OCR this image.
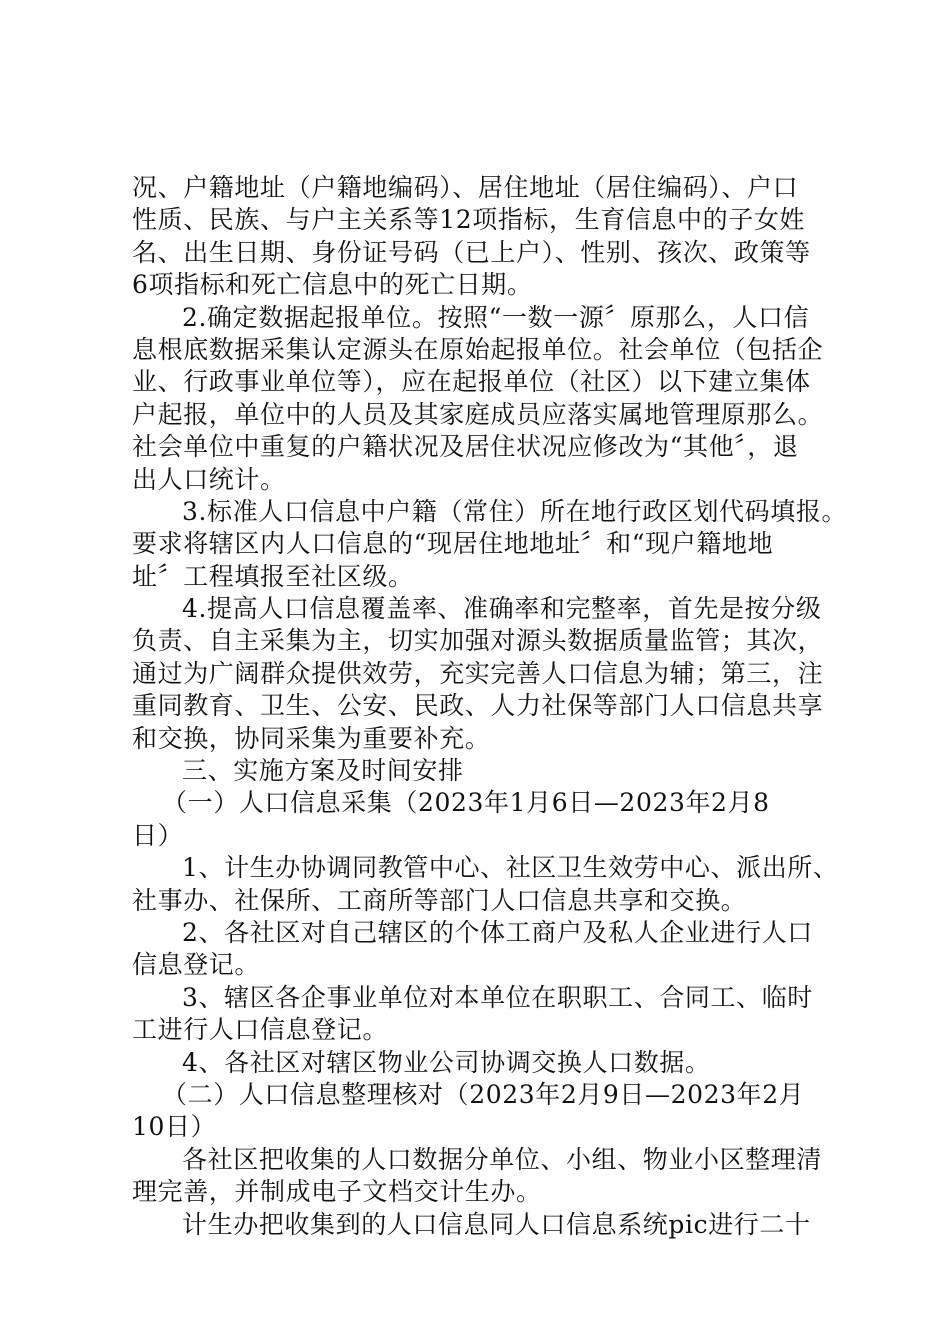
况、户籍地址（户籍地编码）、居住地址（居住编码）、户口
性质、民族、与户主关系等12项指标，生育信息中的子女姓
名、出生日期、身份证号码（已上户）、性别、孩次、政策等
6项指标和死亡信息中的死亡日期。
2.确定数据起报单位。按照“一数一源〞原那么，人口信
息根底数据采集认定源头在原始起报单位。社会单位（包括企
业、行政事业单位等），应在起报单位（社区）以下建立集体
户起报，单位中的人员及其家庭成员应落实属地管理原那么。
社会单位中重复的户籍状况及居住状况应修改为“其他〞，退
出人口统计。
3.标准人口信息中户籍（常住）所在地行政区划代码填报。
要求将辖区内人口信息的“现居住地地址〞和“现户籍地地
址〞工程填报至社区级。
4.提高人口信息覆盖率、准确率和完整率，首先是按分级
负责、自主采集为主，切实加强对源头数据质量监管；其次，
通过为广阔群众提供效劳，充实完善人口信息为辅；第三，注
重同教育、卫生、公安、民政、人力社保等部门人口信息共享
和交换，协同采集为重要补充。
三、实施方案及时间安排
（一）人口信息采集（2023年1月6日—2023年2月8
日）
1、计生办协调同教管中心、社区卫生效劳中心、派出所、
社事办、社保所、工商所等部门人口信息共享和交换。
2、各社区对自己辖区的个体工商户及私人企业进行人口
信息登记。
3、辖区各企事业单位对本单位在职职工、合同工、临时
工进行人口信息登记。
4、各社区对辖区物业公司协调交换人口数据。
（二）人口信息整理核对（2023年2月9日—2023年2月
10日）
各社区把收集的人口数据分单位、小组、物业小区整理清
理完善，并制成电子文档交计生办。
计生办把收集到的人口信息同人口信息系统pic进行二十
